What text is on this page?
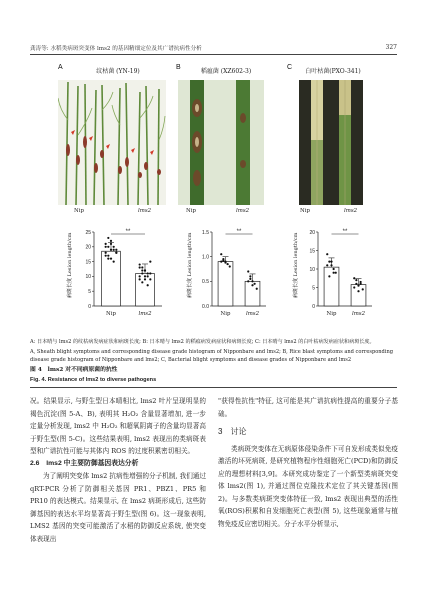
龚涛等: 水稻类病斑突变体 lms2 的基因精细定位及其广谱抗病性分析	327
A
纹枯菌 (YN-19)
B
稻瘟菌 (XZ602-3)
C
白叶枯菌(PXO-341)
Nip	lms2	Nip	lms2	Nip	lms2
病斑长度 Lesion length/cm
病斑长度 Lesion length/cm
病斑长度 Lesion length/cm
0
5
10
15
20
25
Nip	lms2
**
0.0
0.5
1.0
1.5
Nip	lms2
**
0
5
10
15
20
Nip	lms2
**
A: 日本晴与 lms2 的纹枯病发病症状和病斑长度; B: 日本晴与 lms2 的稻瘟病发病症状和病斑长度; C: 日本晴与 lms2 的白叶枯病发病症状和病斑长度。
A, Sheath blight symptoms and corresponding disease grade histogram of Nipponbare and lms2; B, Rice blast symptoms and corresponding disease grade histogram of Nipponbare and lms2; C, Bacterial blight symptoms and disease grades of Nipponbare and lms2
图 4　lms2 对不同病原菌的抗性
Fig. 4. Resistance of lms2 to diverse pathogens

况。结果显示, 与野生型日本晴相比, lms2 叶片呈现明显的褐色沉淀(图 5-A、B), 表明其 H₂O₂ 含量显著增加, 进一步定量分析发现, lms2 中 H₂O₂ 和超氧阴离子的含量均显著高于野生型(图 5-C)。这些结果表明, lms2 表现出的类病斑表型和广谱抗性可能与其体内 ROS 的过度积累密切相关。

2.6　lms2 中主要防御基因表达分析

为了阐明突变体 lms2 抗病性增强的分子机制, 我们通过 qRT-PCR 分析了防御相关基因 PR1、PBZ1、PR5 和 PR10 的表达模式。结果显示, 在 lms2 病斑形成后, 这些防御基因的表达水平均显著高于野生型(图 6)。这一现象表明, LMS2 基因的突变可能激活了水稻的防御反应系统, 使突变体表现出

"获得性抗性"特征, 这可能是其广谱抗病性提高的重要分子基础。

3　讨论

类病斑突变体在无病原体侵染条件下可自发形成类似免疫激活的坏死病斑, 是研究植物程序性细胞死亡(PCD)和防御反应的理想材料[3,9]。本研究成功鉴定了一个新型类病斑突变体 lms2(图 1), 并通过图位克隆技术定位了其关键基因(图 2)。与多数类病斑突变体特征一致, lms2 表现出典型的活性氧(ROS)积累和自发细胞死亡表型(图 5), 这些现象通常与植物免疫反应密切相关。分子水平分析显示,
